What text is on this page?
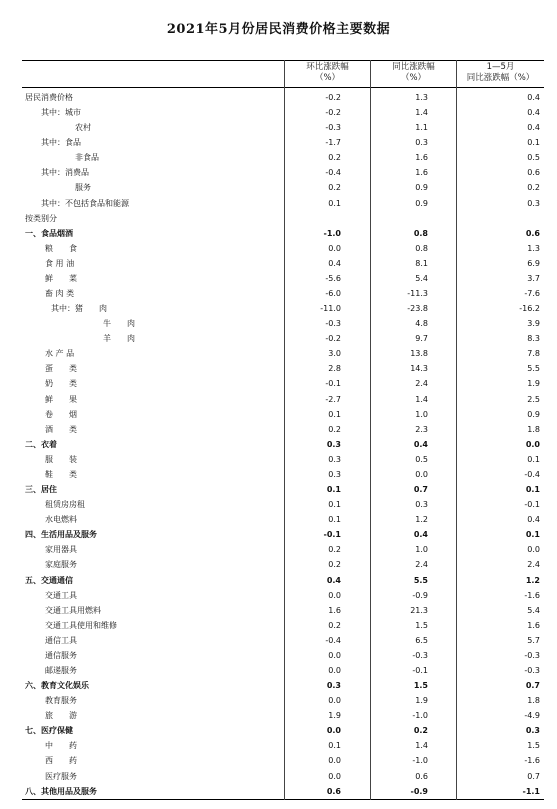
2021年5月份居民消费价格主要数据
环比涨跌幅
（%）
同比涨跌幅
（%）
1—5月
同比涨跌幅（%）
居民消费价格	-0.2	1.3	0.4
其中：城市	-0.2	1.4	0.4
农村	-0.3	1.1	0.4
其中：食品	-1.7	0.3	0.1
非食品	0.2	1.6	0.5
其中：消费品	-0.4	1.6	0.6
服务	0.2	0.9	0.2
其中：不包括食品和能源	0.1	0.9	0.3
按类别分
一、食品烟酒	-1.0	0.8	0.6
粮　　食	0.0	0.8	1.3
食 用 油	0.4	8.1	6.9
鲜　　菜	-5.6	5.4	3.7
畜 肉 类	-6.0	-11.3	-7.6
其中：猪　　肉	-11.0	-23.8	-16.2
牛　　肉	-0.3	4.8	3.9
羊　　肉	-0.2	9.7	8.3
水 产 品	3.0	13.8	7.8
蛋　　类	2.8	14.3	5.5
奶　　类	-0.1	2.4	1.9
鲜　　果	-2.7	1.4	2.5
卷　　烟	0.1	1.0	0.9
酒　　类	0.2	2.3	1.8
二、衣着	0.3	0.4	0.0
服　　装	0.3	0.5	0.1
鞋　　类	0.3	0.0	-0.4
三、居住	0.1	0.7	0.1
租赁房房租	0.1	0.3	-0.1
水电燃料	0.1	1.2	0.4
四、生活用品及服务	-0.1	0.4	0.1
家用器具	0.2	1.0	0.0
家庭服务	0.2	2.4	2.4
五、交通通信	0.4	5.5	1.2
交通工具	0.0	-0.9	-1.6
交通工具用燃料	1.6	21.3	5.4
交通工具使用和维修	0.2	1.5	1.6
通信工具	-0.4	6.5	5.7
通信服务	0.0	-0.3	-0.3
邮递服务	0.0	-0.1	-0.3
六、教育文化娱乐	0.3	1.5	0.7
教育服务	0.0	1.9	1.8
旅　　游	1.9	-1.0	-4.9
七、医疗保健	0.0	0.2	0.3
中　　药	0.1	1.4	1.5
西　　药	0.0	-1.0	-1.6
医疗服务	0.0	0.6	0.7
八、其他用品及服务	0.6	-0.9	-1.1
